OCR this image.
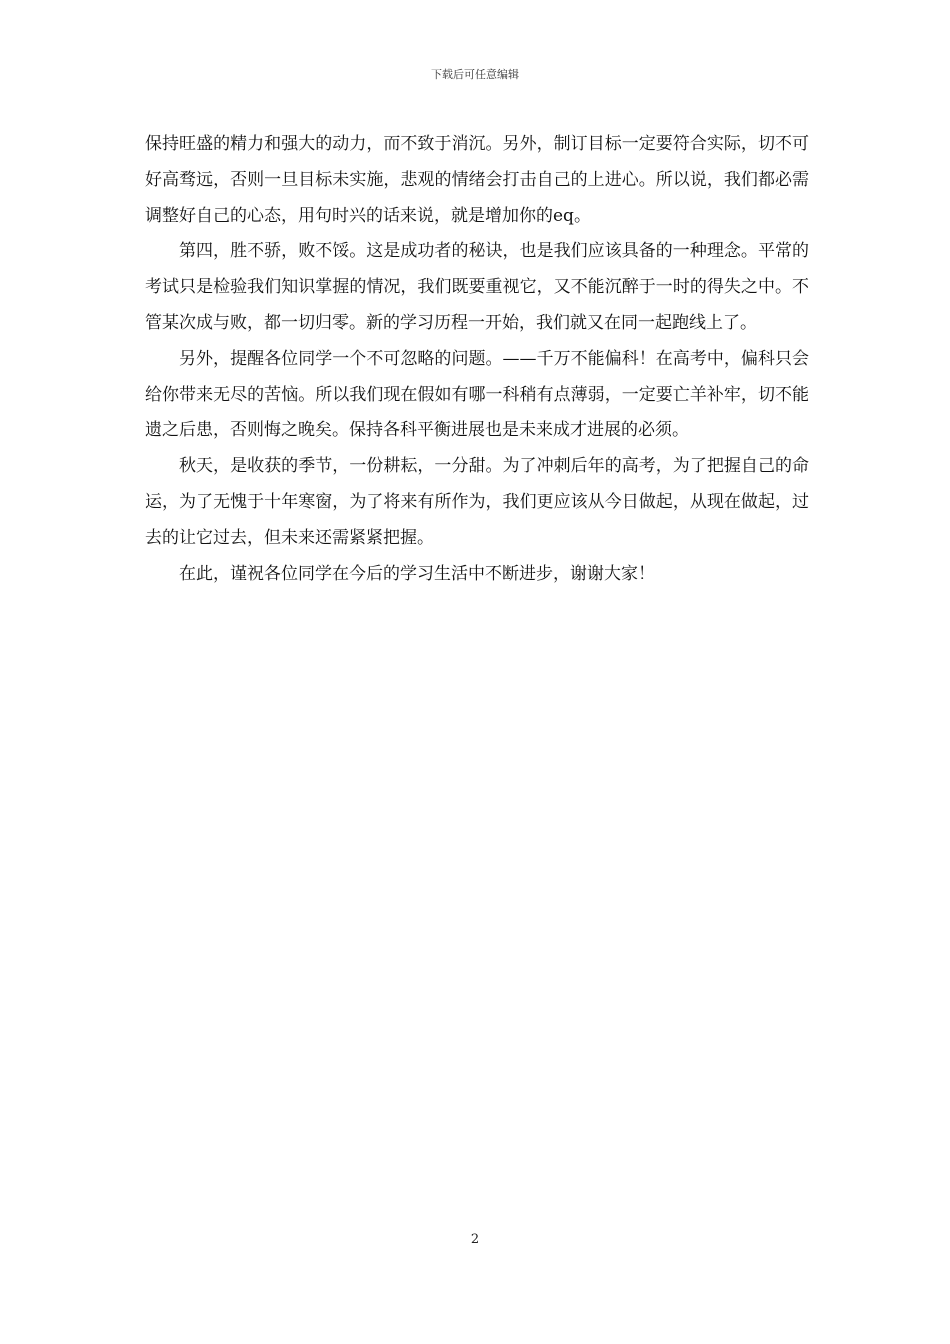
下载后可任意编辑

保持旺盛的精力和强大的动力，而不致于消沉。另外，制订目标一定要符合实际，切不可好高骛远，否则一旦目标未实施，悲观的情绪会打击自己的上进心。所以说，我们都必需调整好自己的心态，用句时兴的话来说，就是增加你的eq。

第四，胜不骄，败不馁。这是成功者的秘诀，也是我们应该具备的一种理念。平常的考试只是检验我们知识掌握的情况，我们既要重视它，又不能沉醉于一时的得失之中。不管某次成与败，都一切归零。新的学习历程一开始，我们就又在同一起跑线上了。

另外，提醒各位同学一个不可忽略的问题。——千万不能偏科！在高考中，偏科只会给你带来无尽的苦恼。所以我们现在假如有哪一科稍有点薄弱，一定要亡羊补牢，切不能遗之后患，否则悔之晚矣。保持各科平衡进展也是未来成才进展的必须。

秋天，是收获的季节，一份耕耘，一分甜。为了冲刺后年的高考，为了把握自己的命运，为了无愧于十年寒窗，为了将来有所作为，我们更应该从今日做起，从现在做起，过去的让它过去，但未来还需紧紧把握。

在此，谨祝各位同学在今后的学习生活中不断进步，谢谢大家！

2
